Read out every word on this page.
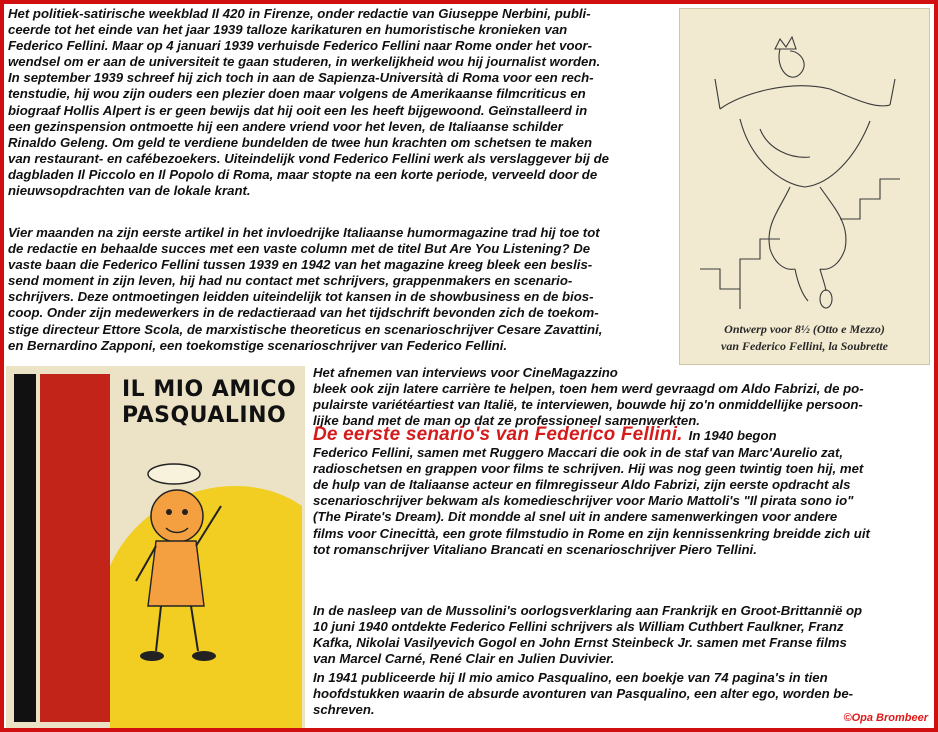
Het politiek-satirische weekblad Il 420 in Firenze, onder redactie van Giuseppe Nerbini, publi-
ceerde tot het einde van het jaar 1939 talloze karikaturen en humoristische kronieken van
Federico Fellini. Maar op 4 januari 1939 verhuisde Federico Fellini naar Rome onder het voor-
wendsel om er aan de universiteit te gaan studeren, in werkelijkheid wou hij journalist worden.
In september 1939 schreef hij zich toch in aan de Sapienza-Università di Roma voor een rech-
tenstudie, hij wou zijn ouders een plezier doen maar volgens de Amerikaanse filmcriticus en
biograaf Hollis Alpert is er geen bewijs dat hij ooit een les heeft bijgewoond. Geïnstalleerd in
een gezinspension ontmoette hij een andere vriend voor het leven, de Italiaanse schilder
Rinaldo Geleng. Om geld te verdiene bundelden de twee hun krachten om schetsen te maken
van restaurant- en cafébezoekers. Uiteindelijk vond Federico Fellini werk als verslaggever bij de
dagbladen Il Piccolo en Il Popolo di Roma, maar stopte na een korte periode, verveeld door de
nieuwsopdrachten van de lokale krant.
Vier maanden na zijn eerste artikel in het invloedrijke Italiaanse humormagazine trad hij toe tot
de redactie en behaalde succes met een vaste column met de titel But Are You Listening? De
vaste baan die Federico Fellini tussen 1939 en 1942 van het magazine kreeg bleek een beslis-
send moment in zijn leven, hij had nu contact met schrijvers, grappenmakers en scenario-
schrijvers. Deze ontmoetingen leidden uiteindelijk tot kansen in de showbusiness en de bios-
coop. Onder zijn medewerkers in de redactieraad van het tijdschrift bevonden zich de toekom-
stige directeur Ettore Scola, de marxistische theoreticus en scenarioschrijver Cesare Zavattini,
en Bernardino Zapponi, een toekomstige scenarioschrijver van Federico Fellini.
Ontwerp voor 8½ (Otto e Mezzo)
van Federico Fellini, la Soubrette
IL MIO AMICO
PASQUALINO
FEDERICO FELLINI 1937 - 1947
Het afnemen van interviews voor CineMagazzino
bleek ook zijn latere carrière te helpen, toen hem werd gevraagd om Aldo Fabrizi, de po-
pulairste variétéartiest van Italië, te interviewen, bouwde hij zo'n onmiddellijke persoon-
lijke band met de man op dat ze professioneel samenwerkten.
De eerste senario's van Federico Fellini. In 1940 begon
Federico Fellini, samen met Ruggero Maccari die ook in de staf van Marc'Aurelio zat,
radioschetsen en grappen voor films te schrijven. Hij was nog geen twintig toen hij, met
de hulp van de Italiaanse acteur en filmregisseur Aldo Fabrizi, zijn eerste opdracht als
scenarioschrijver bekwam als komedieschrijver voor Mario Mattoli's "Il pirata sono io"
(The Pirate's Dream). Dit mondde al snel uit in andere samenwerkingen voor andere
films voor Cinecittà, een grote filmstudio in Rome en zijn kennissenkring breidde zich uit
tot romanschrijver Vitaliano Brancati en scenarioschrijver Piero Tellini.
In de nasleep van de Mussolini's oorlogsverklaring aan Frankrijk en Groot-Brittannië op
10 juni 1940 ontdekte Federico Fellini schrijvers als William Cuthbert Faulkner, Franz
Kafka, Nikolai Vasilyevich Gogol en John Ernst Steinbeck Jr. samen met Franse films
van Marcel Carné, René Clair en Julien Duvivier.
In 1941 publiceerde hij Il mio amico Pasqualino, een boekje van 74 pagina's in tien
hoofdstukken waarin de absurde avonturen van Pasqualino, een alter ego, worden be-
schreven.
©Opa Brombeer
